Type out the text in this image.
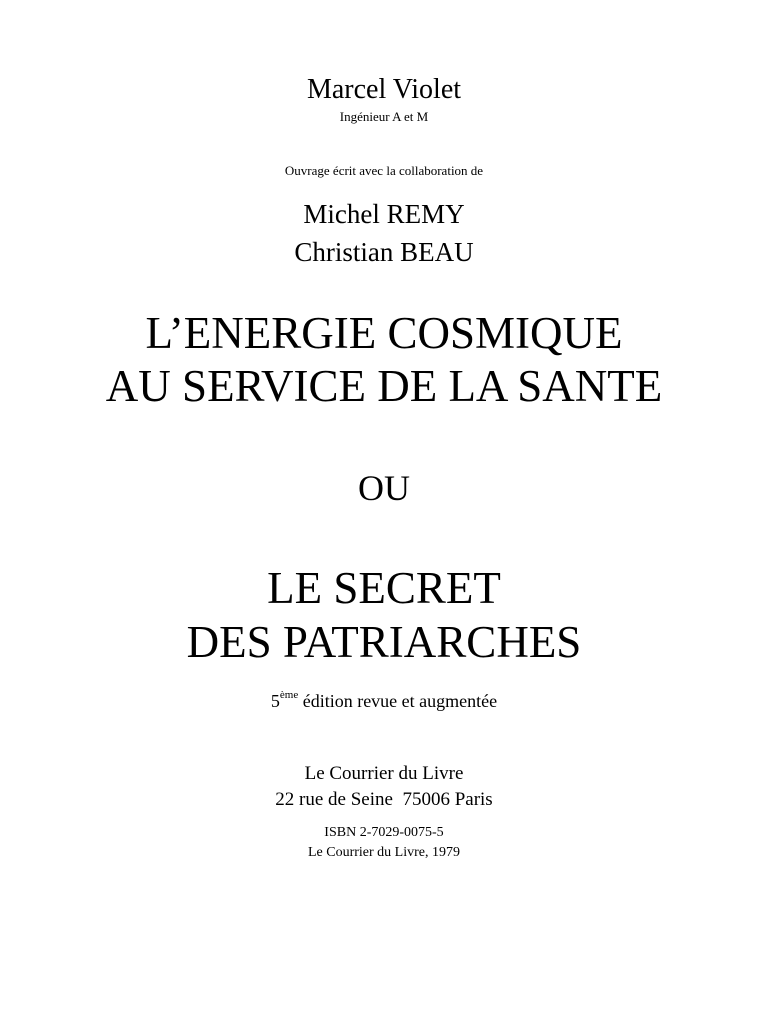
Marcel Violet
Ingénieur A et M
Ouvrage écrit avec la collaboration de
Michel REMY
Christian BEAU
L’ENERGIE COSMIQUE
AU SERVICE DE LA SANTE
OU
LE SECRET
DES PATRIARCHES
5ème édition revue et augmentée
Le Courrier du Livre
22 rue de Seine  75006 Paris
ISBN 2-7029-0075-5
Le Courrier du Livre, 1979
